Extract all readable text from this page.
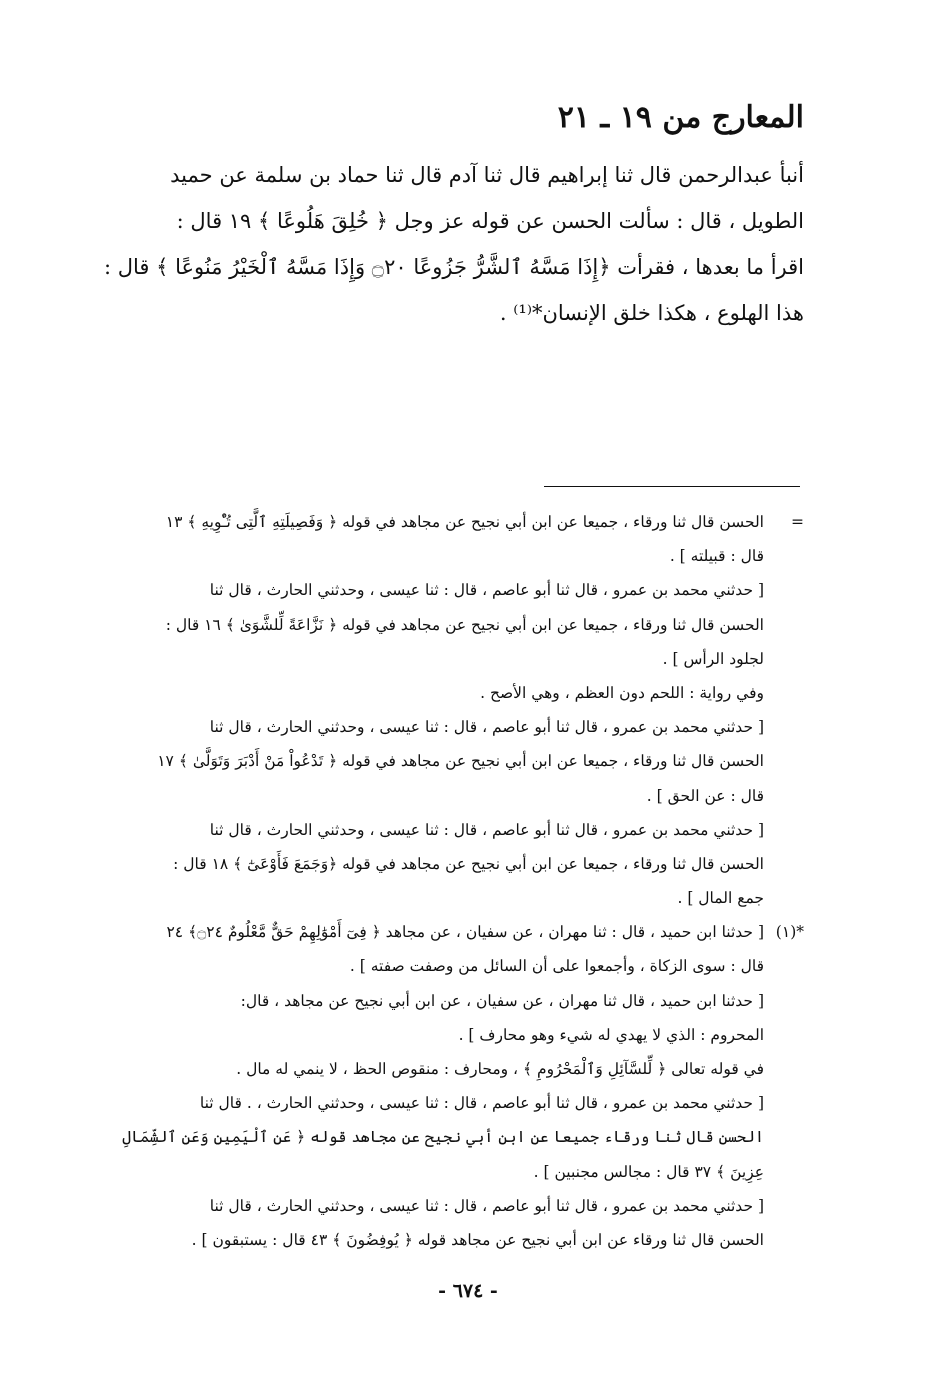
المعارج من ١٩ ـ ٢١
أنبأ عبدالرحمن قال ثنا إبراهيم قال ثنا آدم قال ثنا حماد بن سلمة عن حميد
الطويل ، قال : سألت الحسن عن قوله عز وجل ﴿ خُلِقَ هَلُوعًا ﴾ ١٩ قال :
اقرأ ما بعدها ، فقرأت ﴿إِذَا مَسَّهُ ٱلشَّرُّ جَزُوعًا ۝٢٠ وَإِذَا مَسَّهُ ٱلْخَيْرُ مَنُوعًا ﴾ قال :
هذا الهلوع ، هكذا خلق الإنسان*⁽¹⁾ .
=الحسن قال ثنا ورقاء ، جميعا عن ابن أبي نجيح عن مجاهد في قوله ﴿ وَفَصِيلَتِهِ ٱلَّتِى تُـْٔوِيهِ ﴾ ١٣
قال : قبيلته ] .
[ حدثني محمد بن عمرو ، قال ثنا أبو عاصم ، قال : ثنا عيسى ، وحدثني الحارث ، قال ثنا
الحسن قال ثنا ورقاء ، جميعا عن ابن أبي نجيح عن مجاهد في قوله ﴿ نَزَّاعَةً لِّلشَّوَىٰ ﴾ ١٦ قال :
لجلود الرأس ] .
وفي رواية : اللحم دون العظم ، وهي الأصح .
[ حدثني محمد بن عمرو ، قال ثنا أبو عاصم ، قال : ثنا عيسى ، وحدثني الحارث ، قال ثنا
الحسن قال ثنا ورقاء ، جميعا عن ابن أبي نجيح عن مجاهد في قوله ﴿ تَدْعُواْ مَنْ أَدْبَرَ وَتَوَلَّىٰ ﴾ ١٧
قال : عن الحق ] .
[ حدثني محمد بن عمرو ، قال ثنا أبو عاصم ، قال : ثنا عيسى ، وحدثني الحارث ، قال ثنا
الحسن قال ثنا ورقاء ، جميعا عن ابن أبي نجيح عن مجاهد في قوله ﴿وَجَمَعَ فَأَوْعَىٰٓ ﴾ ١٨ قال :
جمع المال ] .
*(١)[ حدثنا ابن حميد ، قال : ثنا مهران ، عن سفيان ، عن مجاهد ﴿ فِىٓ أَمْوَٰلِهِمْ حَقٌّ مَّعْلُومٌ ۝٢٤﴾ ٢٤
قال : سوى الزكاة ، وأجمعوا على أن السائل من وصفت صفته ] .
[ حدثنا ابن حميد ، قال ثنا مهران ، عن سفيان ، عن ابن أبي نجيح عن مجاهد ، قال:
المحروم : الذي لا يهدي له شيء وهو محارف ] .
في قوله تعالى ﴿ لِّلسَّآئِلِ وَٱلْمَحْرُومِ ﴾ ، ومحارف : منقوص الحظ ، لا ينمي له مال .
[ حدثني محمد بن عمرو ، قال ثنا أبو عاصم ، قال : ثنا عيسى ، وحدثني الحارث ، . قال ثنا
الحسن قال ثنا ورقاء جميعا عن ابن أبي نجيح عن مجاهد قوله ﴿ عَنِ ٱلْيَمِينِ وَعَنِ ٱلشِّمَالِ
عِزِينَ ﴾ ٣٧ قال : مجالس مجنبين ] .
[ حدثني محمد بن عمرو ، قال ثنا أبو عاصم ، قال : ثنا عيسى ، وحدثني الحارث ، قال ثنا
الحسن قال ثنا ورقاء عن ابن أبي نجيح عن مجاهد قوله ﴿ يُوفِضُونَ ﴾ ٤٣ قال : يستبقون ] .
- ٦٧٤ -
